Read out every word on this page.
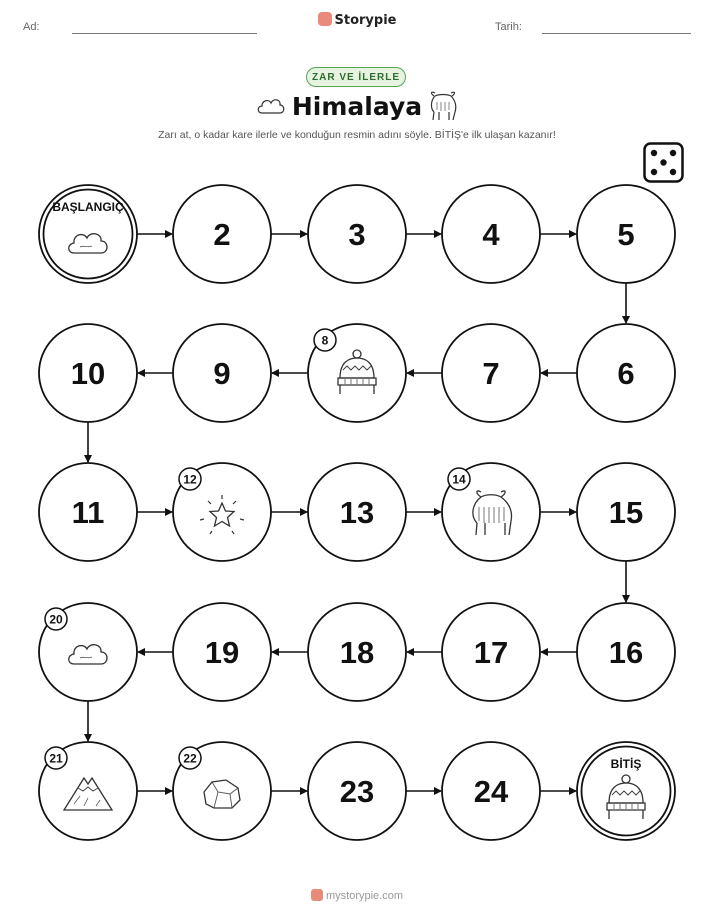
Ad:	Storypie	Tarih:
ZAR VE İLERLE
Himalaya
Zarı at, o kadar kare ilerle ve konduğun resmin adını söyle. BİTİŞ'e ilk ulaşan kazanır!
BAŞLANGIÇ
2	3	4	5
6
7
8
9
10
11
12
13
14
15
16
17
18
19
20
21	22
23	24
BİTİŞ
mystorypie.com
